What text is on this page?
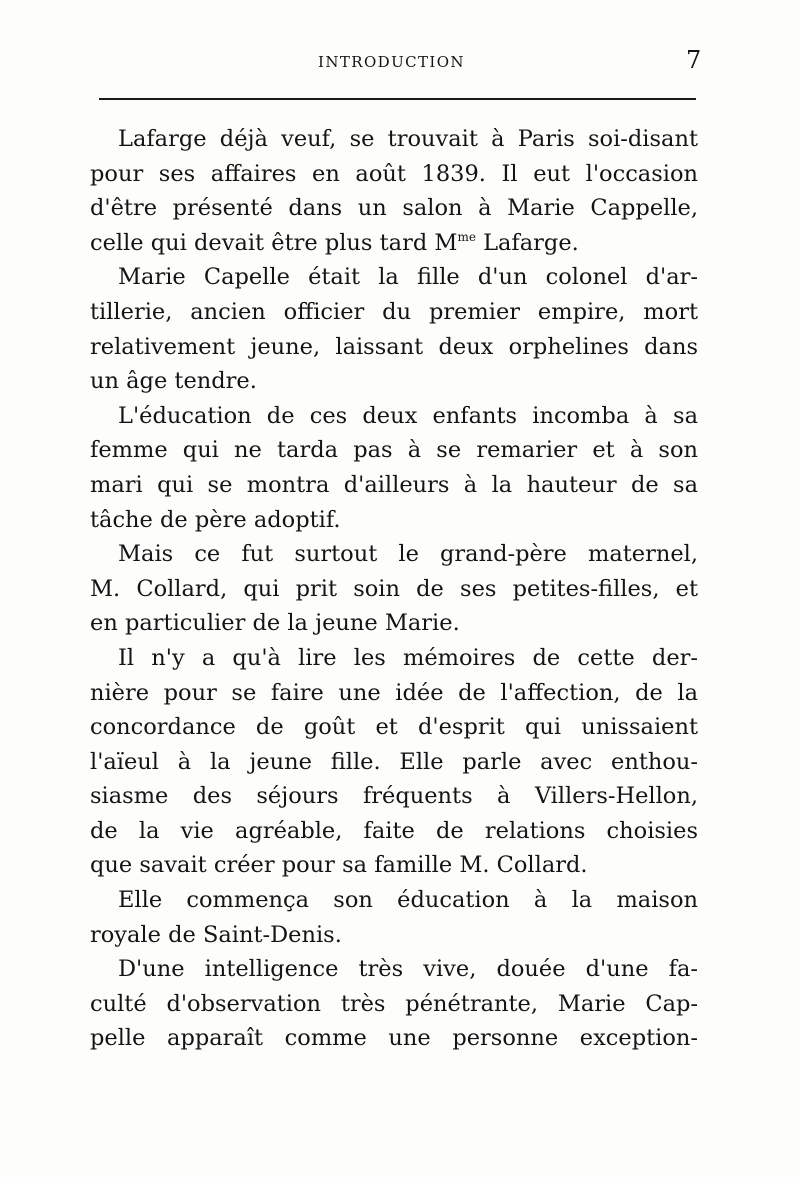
INTRODUCTION	7
Lafarge déjà veuf, se trouvait à Paris soi-disant
pour ses affaires en août 1839. Il eut l'occasion
d'être présenté dans un salon à Marie Cappelle,
celle qui devait être plus tard $M^{me}$ Lafarge.
Marie Capelle était la fille d'un colonel d'ar-
tillerie, ancien officier du premier empire, mort
relativement jeune, laissant deux orphelines dans
un âge tendre.
L'éducation de ces deux enfants incomba à sa
femme qui ne tarda pas à se remarier et à son
mari qui se montra d'ailleurs à la hauteur de sa
tâche de père adoptif.
Mais ce fut surtout le grand-père maternel,
M. Collard, qui prit soin de ses petites-filles, et
en particulier de la jeune Marie.
Il n'y a qu'à lire les mémoires de cette der-
nière pour se faire une idée de l'affection, de la
concordance de goût et d'esprit qui unissaient
l'aïeul à la jeune fille. Elle parle avec enthou-
siasme des séjours fréquents à Villers-Hellon,
de la vie agréable, faite de relations choisies
que savait créer pour sa famille M. Collard.
Elle commença son éducation à la maison
royale de Saint-Denis.
D'une intelligence très vive, douée d'une fa-
culté d'observation très pénétrante, Marie Cap-
pelle apparaît comme une personne exception-
